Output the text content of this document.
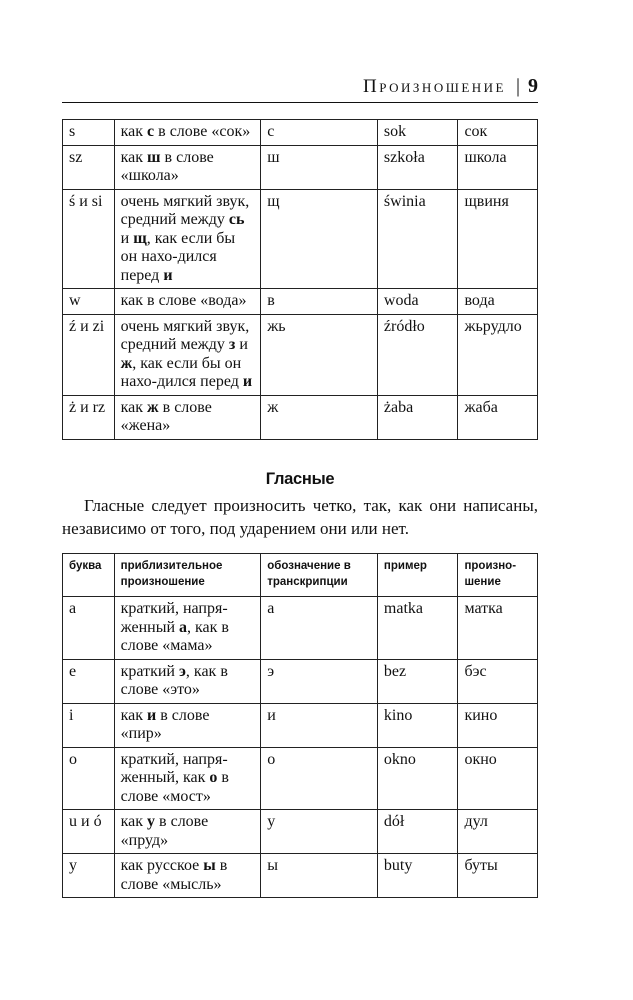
Произношение | 9
s	как с в слове «сок»	с	sok	сок
sz	как ш в слове «школа»	ш	szkoła	школа
ś и si	очень мягкий звук, средний между сь и щ, как если бы он нахо-дился перед и	щ	świnia	щвиня
w	как в слове «вода»	в	woda	вода
ź и zi	очень мягкий звук, средний между з и ж, как если бы он нахо-дился перед и	жь	źródło	жьрудло
ż и rz	как ж в слове «жена»	ж	żaba	жаба
Гласные

Гласные следует произносить четко, так, как они написаны, независимо от того, под ударением они или нет.

буква	приблизительное произношение	обозначение в транскрипции	пример	произно-шение
a	краткий, напря-женный а, как в слове «мама»	а	matka	матка
e	краткий э, как в слове «это»	э	bez	бэс
i	как и в слове «пир»	и	kino	кино
o	краткий, напря-женный, как о в слове «мост»	о	okno	окно
u и ó	как у в слове «пруд»	у	dół	дул
y	как русское ы в слове «мысль»	ы	buty	буты
